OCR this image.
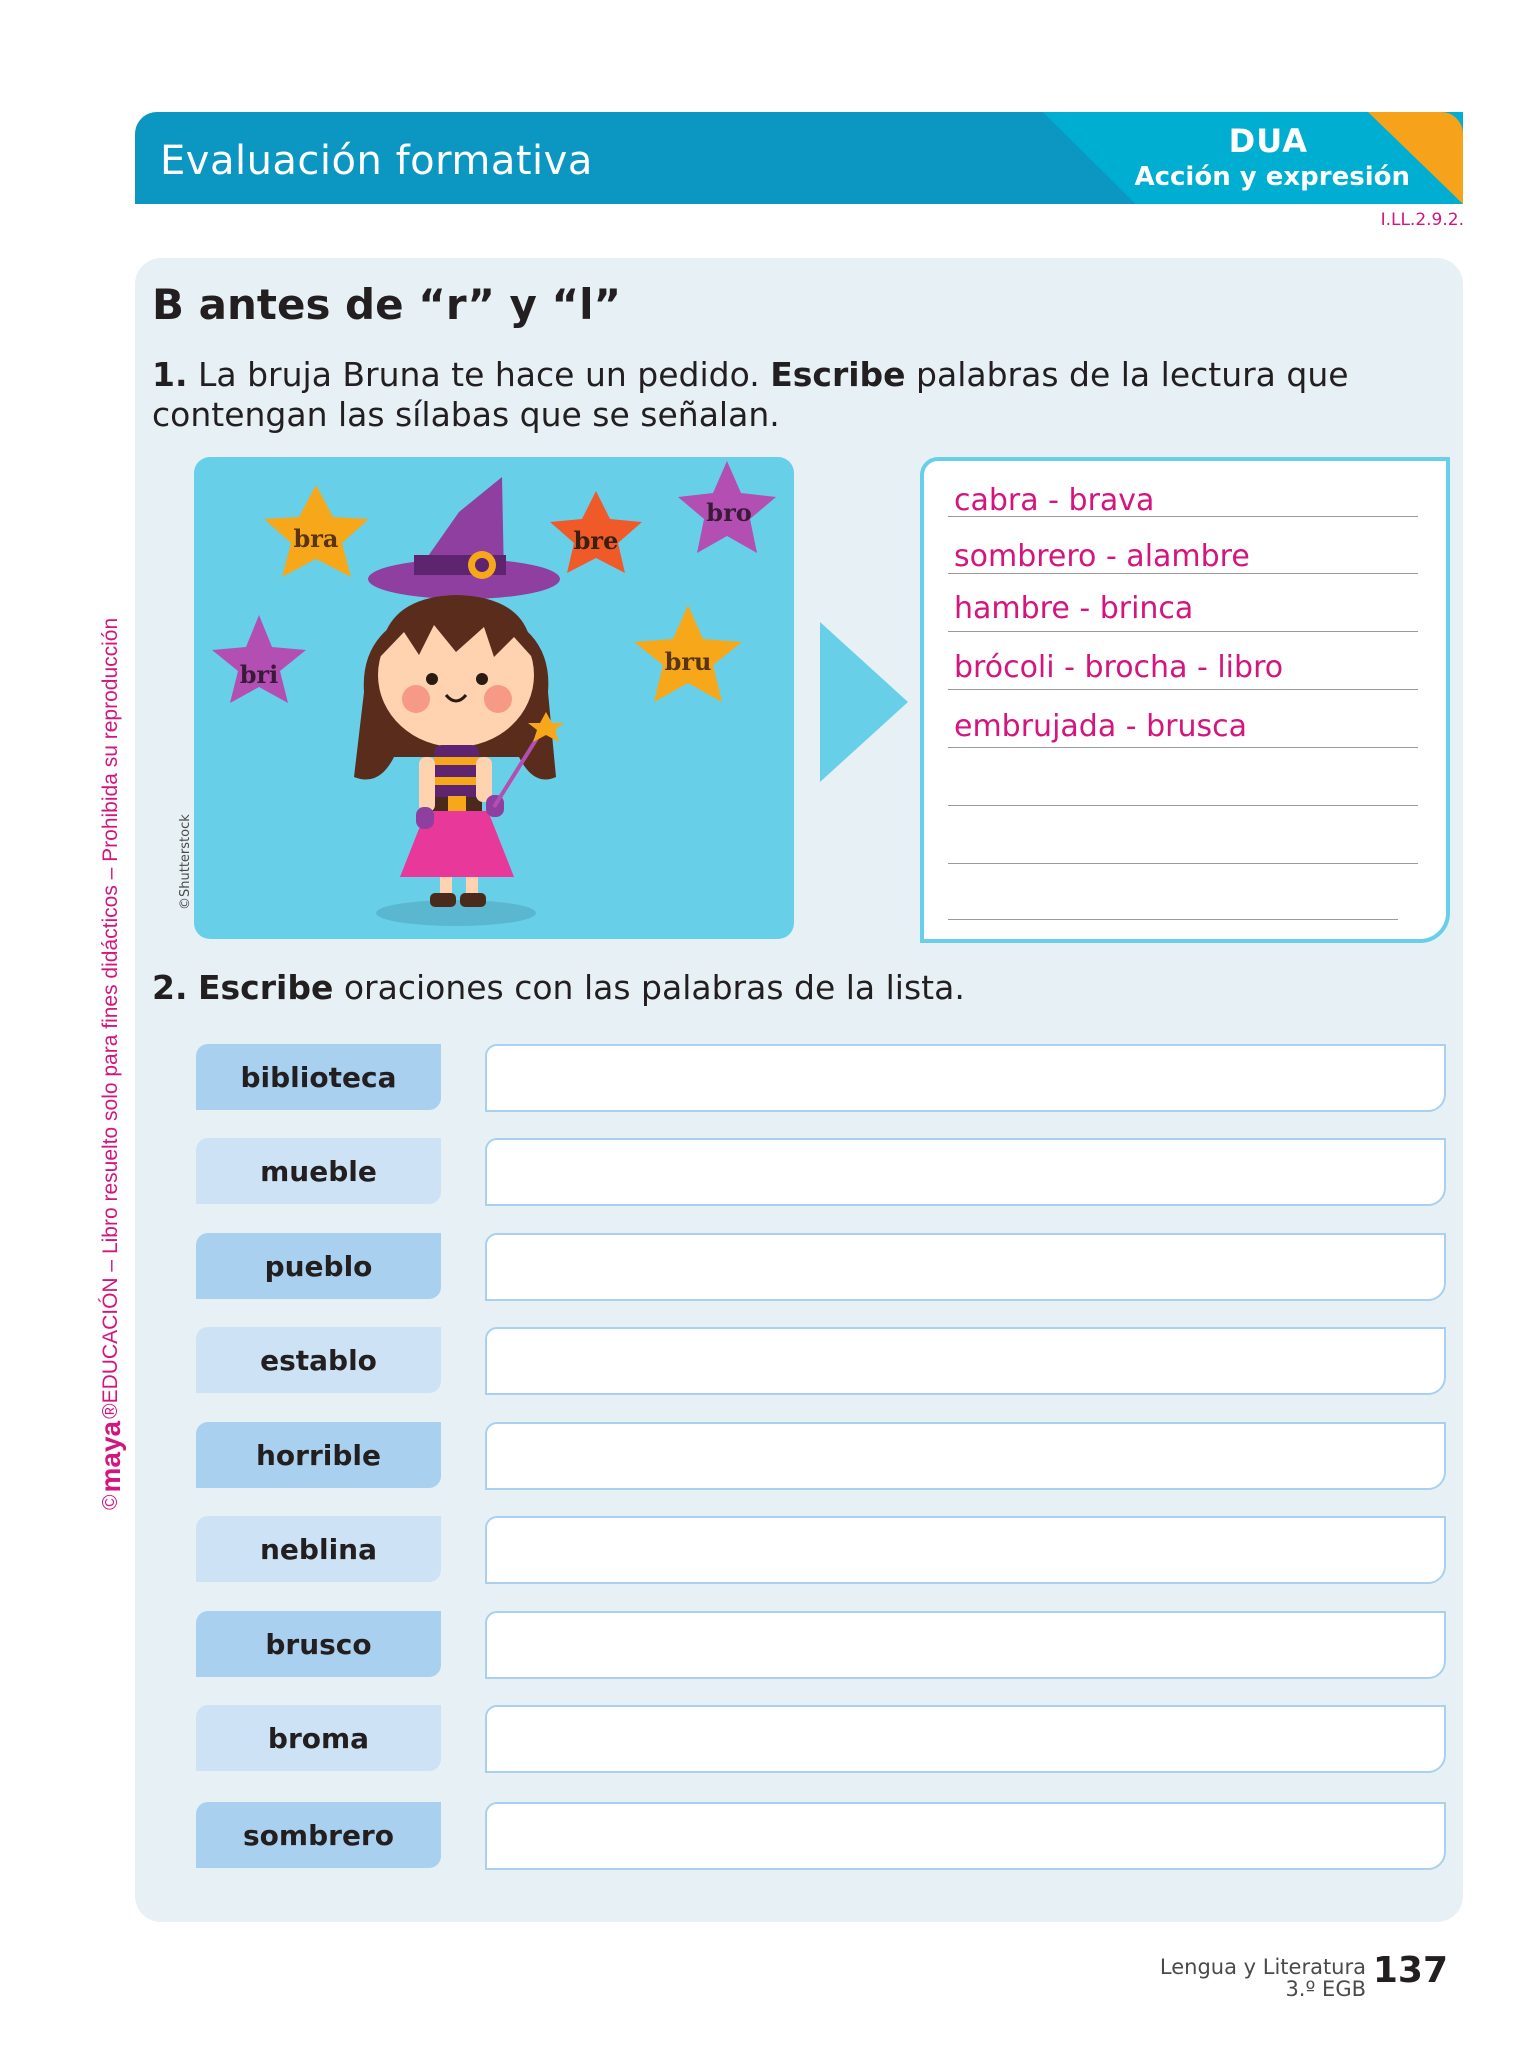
Evaluación formativa	DUA
Acción y expresión
I.LL.2.9.2.
©
maya
®EDUCACIÓN – Libro resuelto solo para fines didácticos – Prohibida su reproducción
B antes de “r” y “l”
1. La bruja Bruna te hace un pedido. Escribe palabras de la lectura que contengan las sílabas que se señalan.
bra	bre
bro
bri	bru
©Shutterstock
cabra - brava
sombrero - alambre
hambre - brinca
brócoli - brocha - libro
embrujada - brusca
2. Escribe oraciones con las palabras de la lista.
biblioteca
mueble
pueblo
establo
horrible
neblina
brusco
broma
sombrero
Lengua y Literatura
3.º EGB 137
